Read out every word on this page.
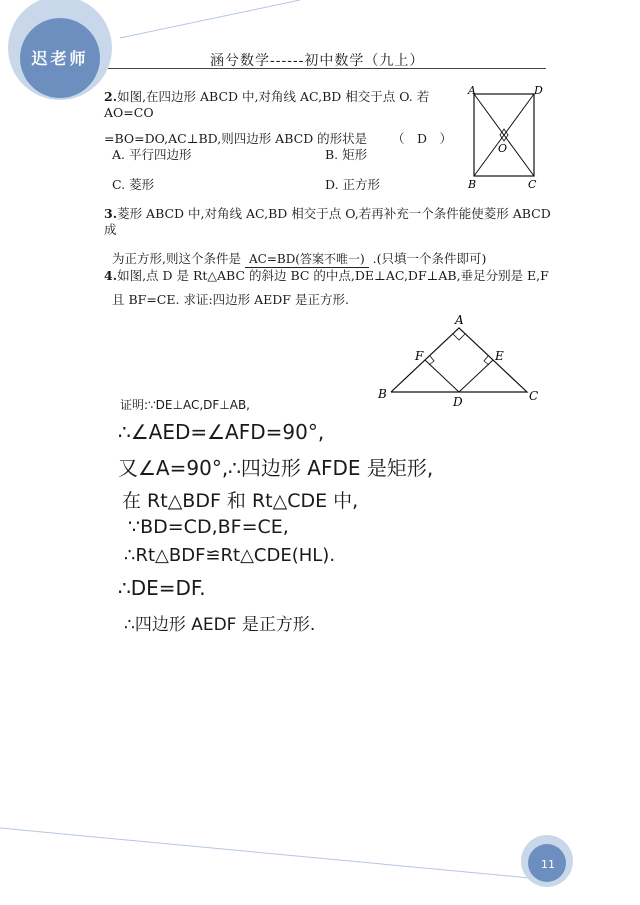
迟老师	涵兮数学------初中数学（九上）
2.如图,在四边形 ABCD 中,对角线 AC,BD 相交于点 O. 若 AO=CO
=BO=DO,AC⊥BD,则四边形 ABCD 的形状是 （　D　）
A. 平行四边形	B. 矩形
C. 菱形	D. 正方形
A	D
B	C
O
3.菱形 ABCD 中,对角线 AC,BD 相交于点 O,若再补充一个条件能使菱形 ABCD 成
为正方形,则这个条件是 AC=BD(答案不唯一) .(只填一个条件即可)
4.如图,点 D 是 Rt△ABC 的斜边 BC 的中点,DE⊥AC,DF⊥AB,垂足分别是 E,F
且 BF=CE. 求证:四边形 AEDF 是正方形.
A
B	C
D
F	E
证明:∵DE⊥AC,DF⊥AB,
∴∠AED=∠AFD=90°,
又∠A=90°,∴四边形 AFDE 是矩形,
在 Rt△BDF 和 Rt△CDE 中,
∵BD=CD,BF=CE,
∴Rt△BDF≌Rt△CDE(HL).
∴DE=DF.
∴四边形 AEDF 是正方形.
11
